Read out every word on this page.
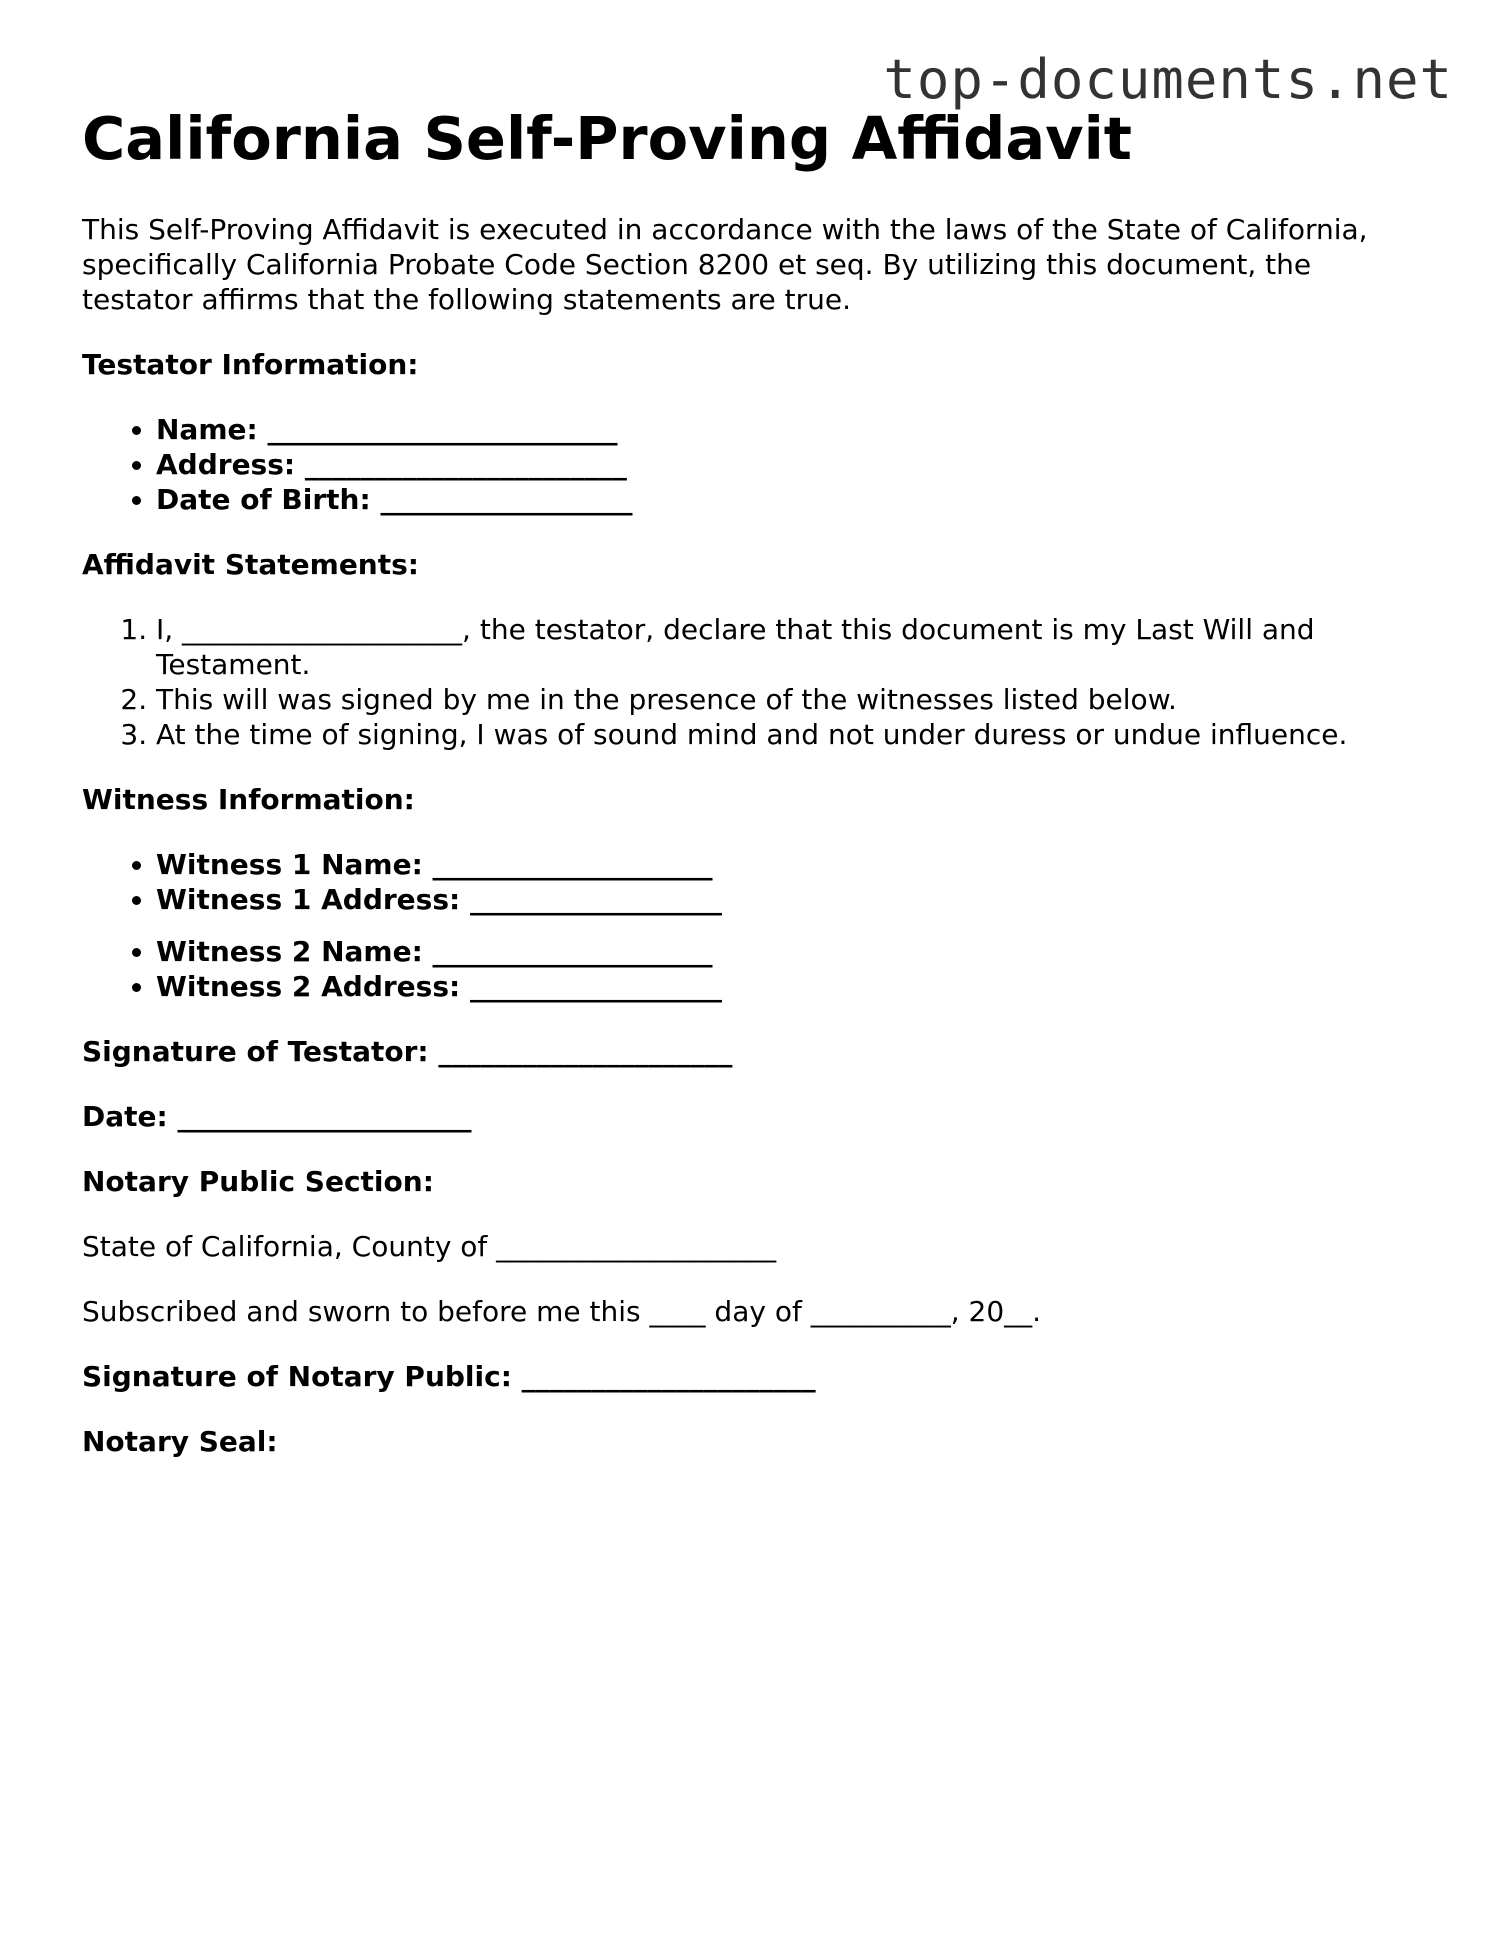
top-documents.net
California Self-Proving Affidavit

This Self-Proving Affidavit is executed in accordance with the laws of the State of California, specifically California Probate Code Section 8200 et seq. By utilizing this document, the testator affirms that the following statements are true.

Testator Information:

• Name: _________________________
• Address: _______________________
• Date of Birth: __________________

Affidavit Statements:

1. I, ____________________, the testator, declare that this document is my Last Will and Testament.
2. This will was signed by me in the presence of the witnesses listed below.
3. At the time of signing, I was of sound mind and not under duress or undue influence.

Witness Information:

• Witness 1 Name: ____________________
• Witness 1 Address: __________________
• Witness 2 Name: ____________________
• Witness 2 Address: __________________

Signature of Testator: _____________________

Date: _____________________

Notary Public Section:

State of California, County of ____________________

Subscribed and sworn to before me this ____ day of __________, 20__.

Signature of Notary Public: _____________________

Notary Seal:
